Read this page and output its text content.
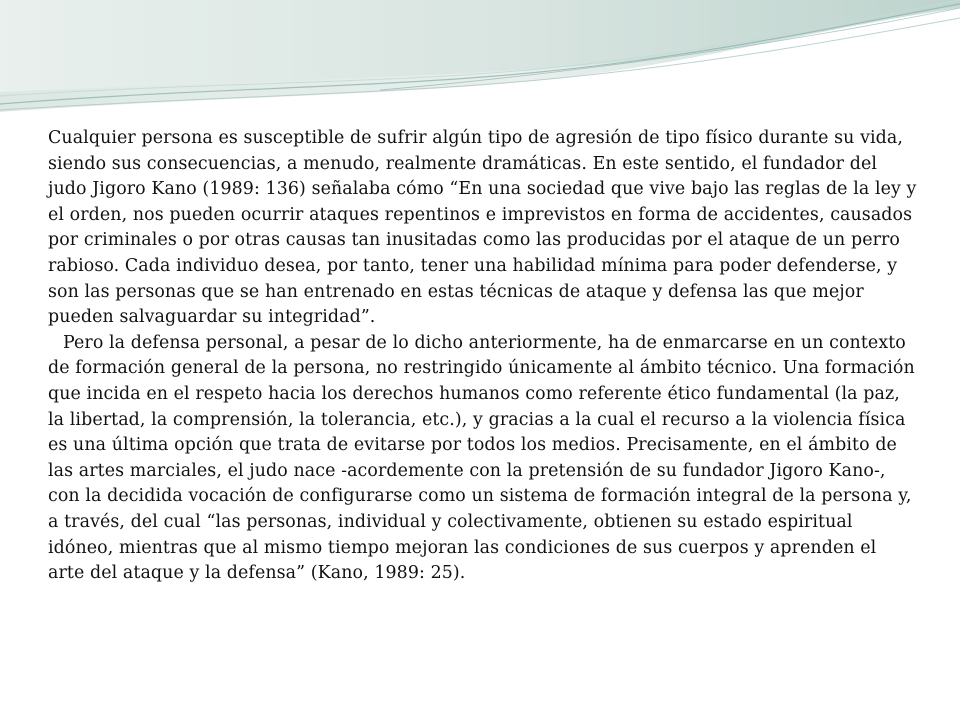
Cualquier persona es susceptible de sufrir algún tipo de agresión de tipo físico durante su vida, siendo sus consecuencias, a menudo, realmente dramáticas. En este sentido, el fundador del judo Jigoro Kano (1989: 136) señalaba cómo “En una sociedad que vive bajo las reglas de la ley y el orden, nos pueden ocurrir ataques repentinos e imprevistos en forma de accidentes, causados por criminales o por otras causas tan inusitadas como las producidas por el ataque de un perro rabioso. Cada individuo desea, por tanto, tener una habilidad mínima para poder defenderse, y son las personas que se han entrenado en estas técnicas de ataque y defensa las que mejor pueden salvaguardar su integridad”.

Pero la defensa personal, a pesar de lo dicho anteriormente, ha de enmarcarse en un contexto de formación general de la persona, no restringido únicamente al ámbito técnico. Una formación que incida en el respeto hacia los derechos humanos como referente ético fundamental (la paz, la libertad, la comprensión, la tolerancia, etc.), y gracias a la cual el recurso a la violencia física es una última opción que trata de evitarse por todos los medios. Precisamente, en el ámbito de las artes marciales, el judo nace -acordemente con la pretensión de su fundador Jigoro Kano-, con la decidida vocación de configurarse como un sistema de formación integral de la persona y, a través, del cual “las personas, individual y colectivamente, obtienen su estado espiritual idóneo, mientras que al mismo tiempo mejoran las condiciones de sus cuerpos y aprenden el arte del ataque y la defensa” (Kano, 1989: 25).
